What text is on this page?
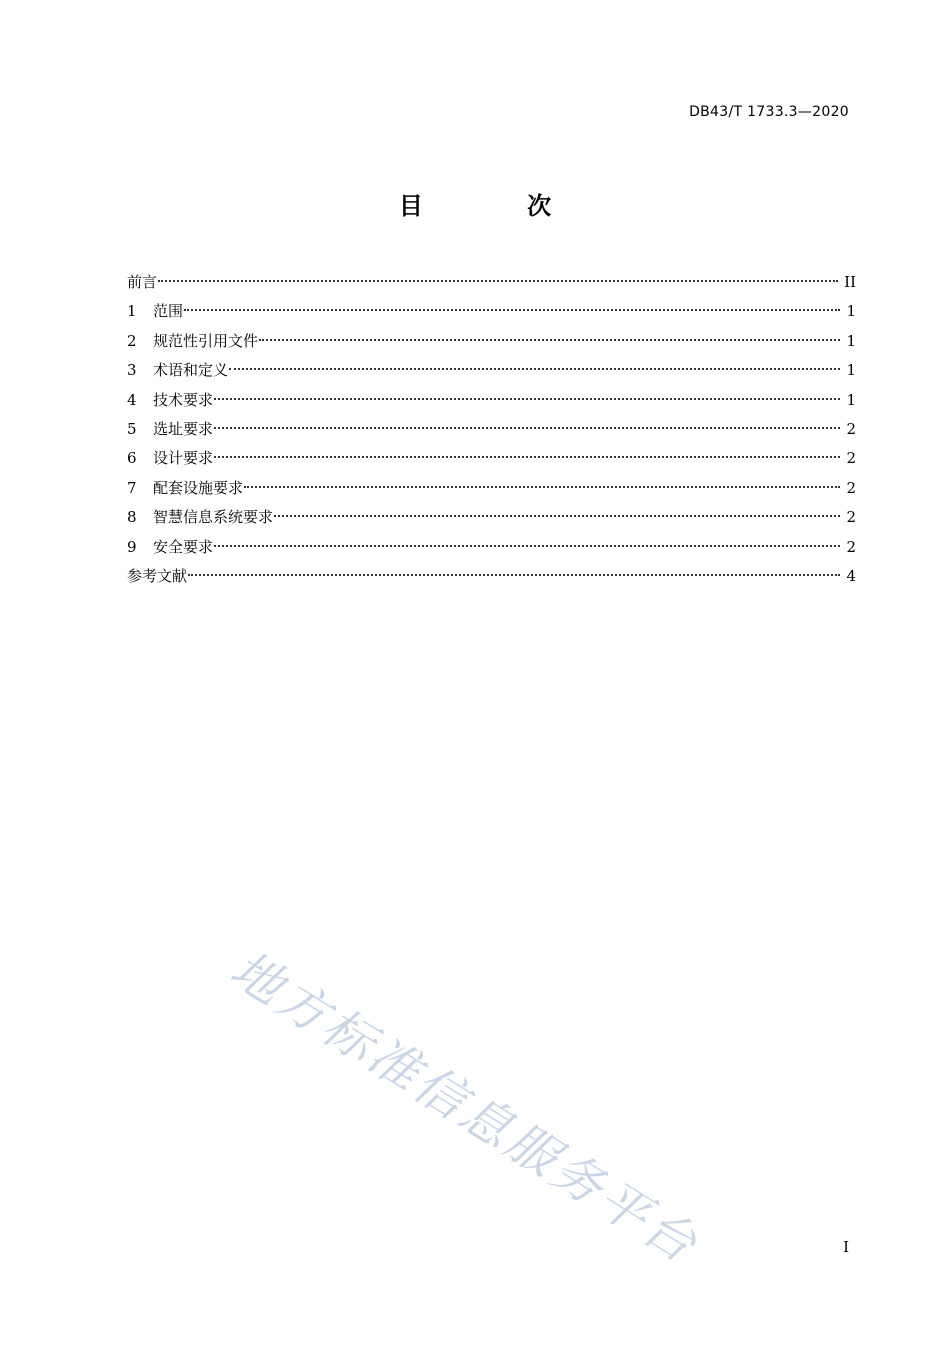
DB43/T 1733.3—2020
目 次
前言	II
1	范围	1
2	规范性引用文件	1
3	术语和定义	1
4	技术要求	1
5	选址要求	2
6	设计要求	2
7	配套设施要求	2
8	智慧信息系统要求	2
9	安全要求	2
参考文献	4
地方标准信息服务平台	I
